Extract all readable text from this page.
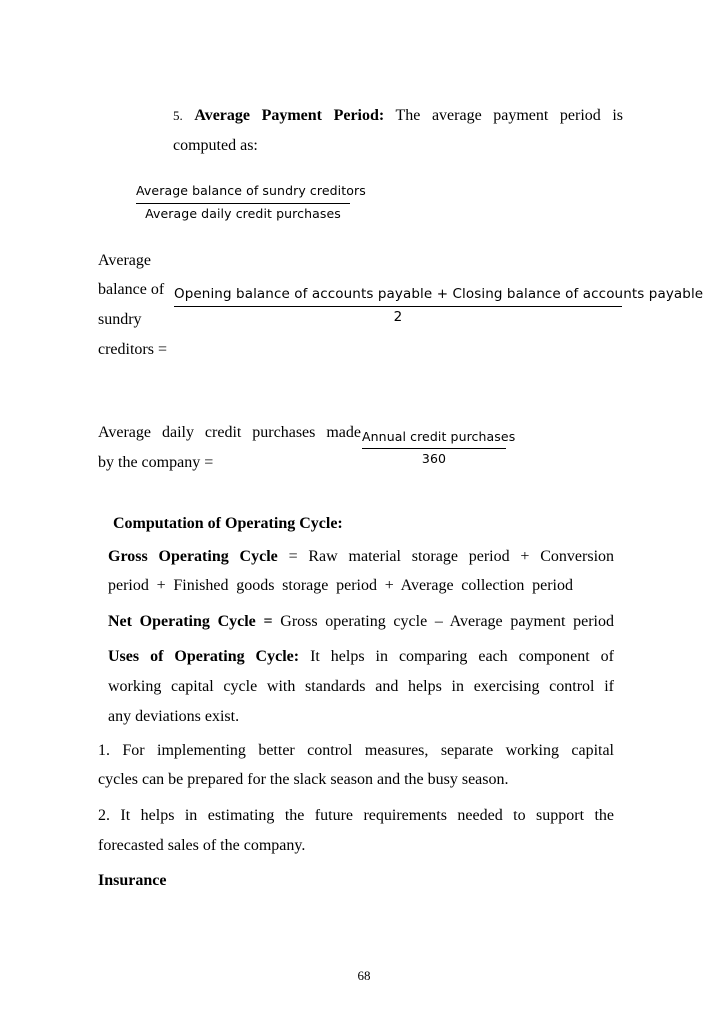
5. Average Payment Period: The average payment period is
computed as:
Average balance of sundry creditors
Average daily credit purchases
Average
balance of
sundry
creditors =
Opening balance of accounts payable + Closing balance of accounts payable
2
Average daily credit purchases made
by the company =
Annual credit purchases
360
Computation of Operating Cycle:
Gross Operating Cycle = Raw material storage period + Conversion
period + Finished goods storage period + Average collection period
Net Operating Cycle = Gross operating cycle – Average payment period
Uses of Operating Cycle: It helps in comparing each component of
working capital cycle with standards and helps in exercising control if
any deviations exist.
1. For implementing better control measures, separate working capital
cycles can be prepared for the slack season and the busy season.
2. It helps in estimating the future requirements needed to support the
forecasted sales of the company.
Insurance
68
